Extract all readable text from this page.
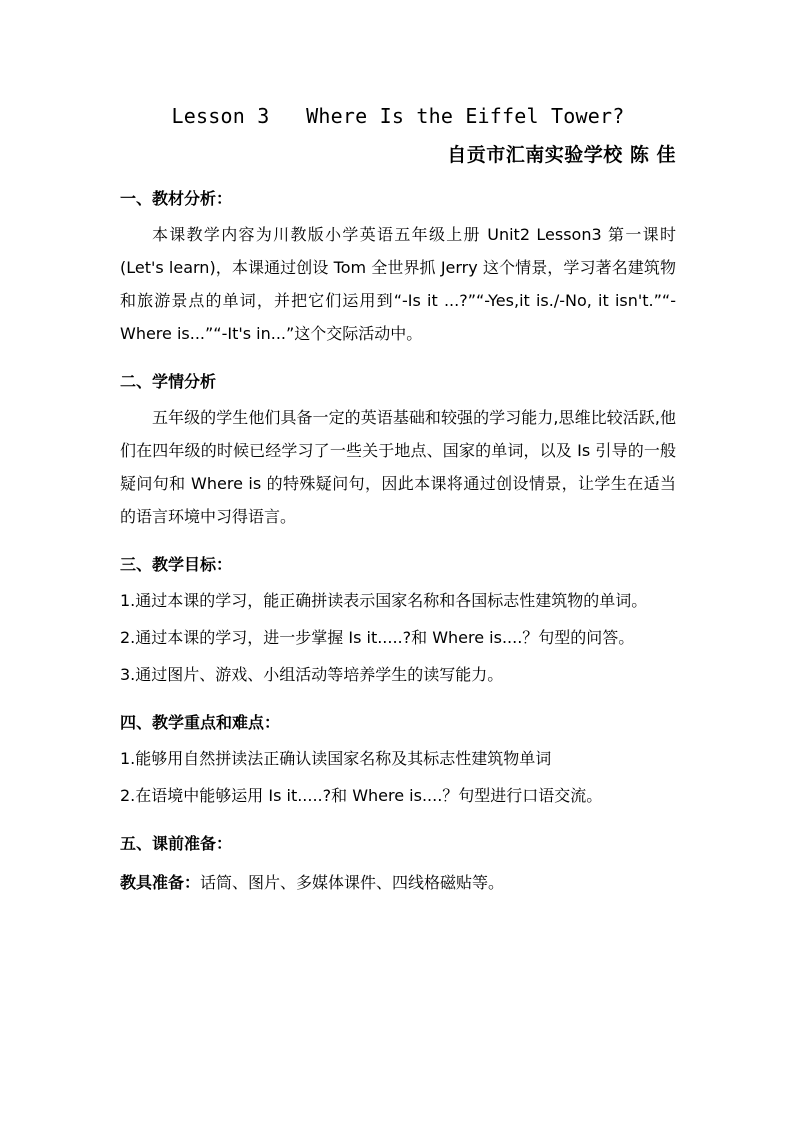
Lesson 3   Where Is the Eiffel Tower?
自贡市汇南实验学校 陈 佳
一、教材分析：

本课教学内容为川教版小学英语五年级上册 Unit2 Lesson3 第一课时(Let's learn)，本课通过创设 Tom 全世界抓 Jerry 这个情景，学习著名建筑物和旅游景点的单词，并把它们运用到“-Is it ...?”“-Yes,it is./-No, it isn't.”“-Where is...”“-It's in...”这个交际活动中。

二、学情分析

五年级的学生他们具备一定的英语基础和较强的学习能力,思维比较活跃,他们在四年级的时候已经学习了一些关于地点、国家的单词，以及 Is 引导的一般疑问句和 Where is 的特殊疑问句，因此本课将通过创设情景，让学生在适当的语言环境中习得语言。

三、教学目标：

1.通过本课的学习，能正确拼读表示国家名称和各国标志性建筑物的单词。

2.通过本课的学习，进一步掌握 Is it.....?和 Where is....？句型的问答。

3.通过图片、游戏、小组活动等培养学生的读写能力。

四、教学重点和难点：

1.能够用自然拼读法正确认读国家名称及其标志性建筑物单词

2.在语境中能够运用 Is it.....?和 Where is....？句型进行口语交流。

五、课前准备：
教具准备：话筒、图片、多媒体课件、四线格磁贴等。
